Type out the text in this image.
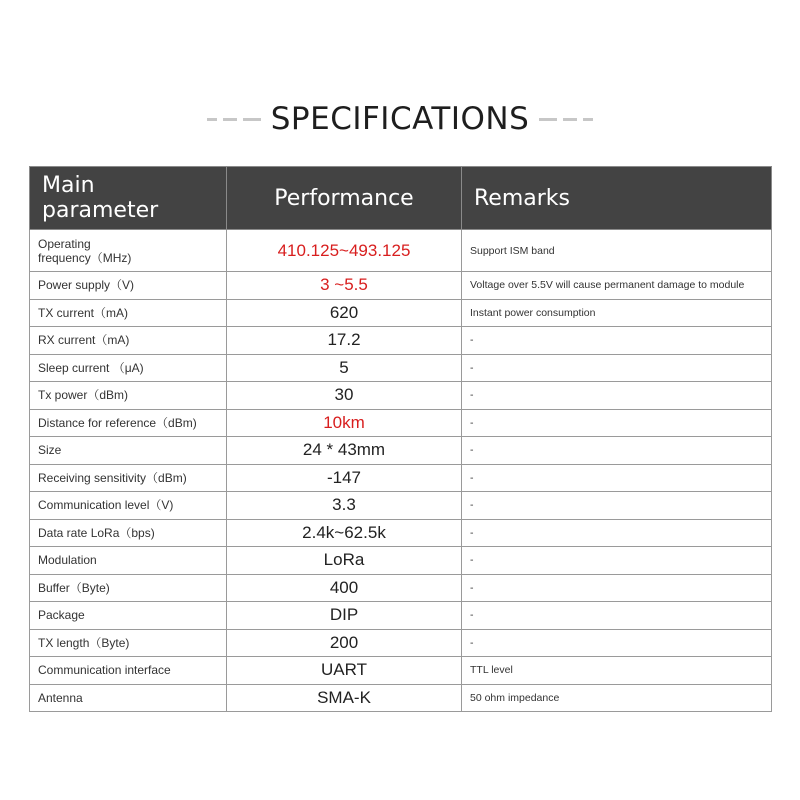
SPECIFICATIONS
Main parameter	Performance	Remarks
Operating
frequency（MHz)	410.125~493.125	Support ISM band
Power supply（V)	3 ~5.5	Voltage over 5.5V will cause permanent damage to module
TX current（mA)	620	Instant power consumption
RX current（mA)	17.2	-
Sleep current （μA)	5	-
Tx power（dBm)	30	-
Distance for reference（dBm)	10km	-
Size	24 * 43mm	-
Receiving sensitivity（dBm)	-147	-
Communication level（V)	3.3	-
Data rate LoRa（bps)	2.4k~62.5k	-
Modulation	LoRa	-
Buffer（Byte)	400	-
Package	DIP	-
TX length（Byte)	200	-
Communication interface	UART	TTL level
Antenna	SMA-K	50 ohm impedance
